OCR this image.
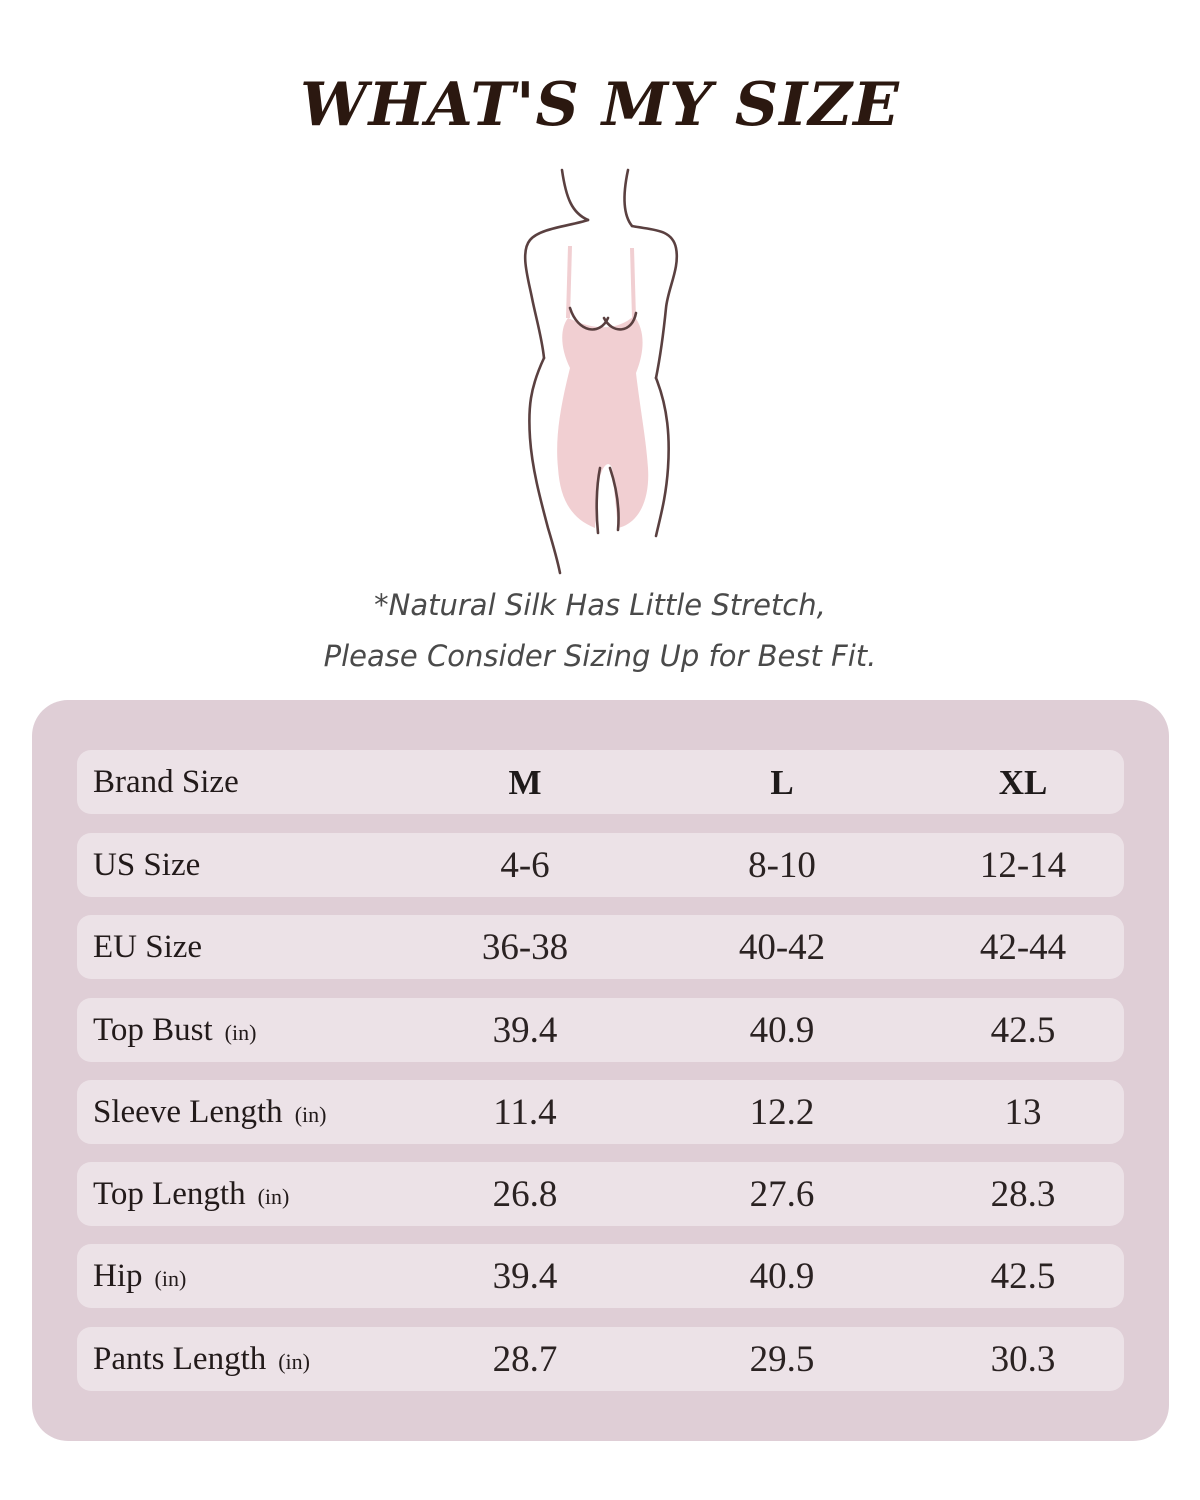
WHAT'S MY SIZE
*Natural Silk Has Little Stretch,
Please Consider Sizing Up for Best Fit.
Brand Size	M	L	XL
US Size	4-6	8-10	12-14
EU Size	36-38	40-42	42-44
Top Bust (in)	39.4	40.9	42.5
Sleeve Length (in)	11.4	12.2	13
Top Length (in)	26.8	27.6	28.3
Hip (in)	39.4	40.9	42.5
Pants Length (in)	28.7	29.5	30.3
